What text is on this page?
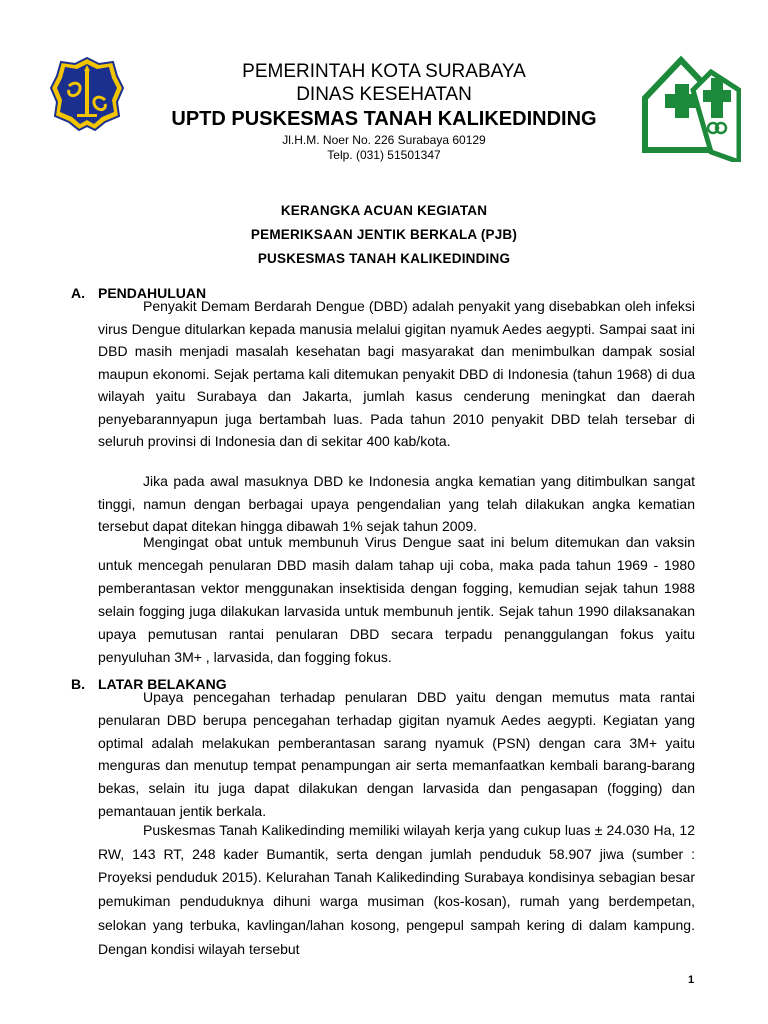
PEMERINTAH KOTA SURABAYA
DINAS KESEHATAN
UPTD PUSKESMAS TANAH KALIKEDINDING
Jl.H.M. Noer No. 226 Surabaya 60129
Telp. (031) 51501347
KERANGKA ACUAN KEGIATAN
PEMERIKSAAN JENTIK BERKALA (PJB)
PUSKESMAS TANAH KALIKEDINDING
A. PENDAHULUAN

Penyakit Demam Berdarah Dengue (DBD) adalah penyakit yang disebabkan oleh infeksi virus Dengue ditularkan kepada manusia melalui gigitan nyamuk Aedes aegypti. Sampai saat ini DBD masih menjadi masalah kesehatan bagi masyarakat dan menimbulkan dampak sosial maupun ekonomi. Sejak pertama kali ditemukan penyakit DBD di Indonesia (tahun 1968) di dua wilayah yaitu Surabaya dan Jakarta, jumlah kasus cenderung meningkat dan daerah penyebarannyapun juga bertambah luas. Pada tahun 2010 penyakit DBD telah tersebar di seluruh provinsi di Indonesia dan di sekitar 400 kab/kota.

Jika pada awal masuknya DBD ke Indonesia angka kematian yang ditimbulkan sangat tinggi, namun dengan berbagai upaya pengendalian yang telah dilakukan angka kematian tersebut dapat ditekan hingga dibawah 1% sejak tahun 2009.

Mengingat obat untuk membunuh Virus Dengue saat ini belum ditemukan dan vaksin untuk mencegah penularan DBD masih dalam tahap uji coba, maka pada tahun 1969 - 1980 pemberantasan vektor menggunakan insektisida dengan fogging, kemudian sejak tahun 1988 selain fogging juga dilakukan larvasida untuk membunuh jentik. Sejak tahun 1990 dilaksanakan upaya pemutusan rantai penularan DBD secara terpadu penanggulangan fokus yaitu penyuluhan 3M+ , larvasida, dan fogging fokus.

B. LATAR BELAKANG

Upaya pencegahan terhadap penularan DBD yaitu dengan memutus mata rantai penularan DBD berupa pencegahan terhadap gigitan nyamuk Aedes aegypti. Kegiatan yang optimal adalah melakukan pemberantasan sarang nyamuk (PSN) dengan cara 3M+ yaitu menguras dan menutup tempat penampungan air serta memanfaatkan kembali barang-barang bekas, selain itu juga dapat dilakukan dengan larvasida dan pengasapan (fogging) dan pemantauan jentik berkala.

Puskesmas Tanah Kalikedinding memiliki wilayah kerja yang cukup luas ± 24.030 Ha, 12 RW, 143 RT, 248 kader Bumantik, serta dengan jumlah penduduk 58.907 jiwa (sumber : Proyeksi penduduk 2015). Kelurahan Tanah Kalikedinding Surabaya kondisinya sebagian besar pemukiman penduduknya dihuni warga musiman (kos-kosan), rumah yang berdempetan, selokan yang terbuka, kavlingan/lahan kosong, pengepul sampah kering di dalam kampung. Dengan kondisi wilayah tersebut

1
